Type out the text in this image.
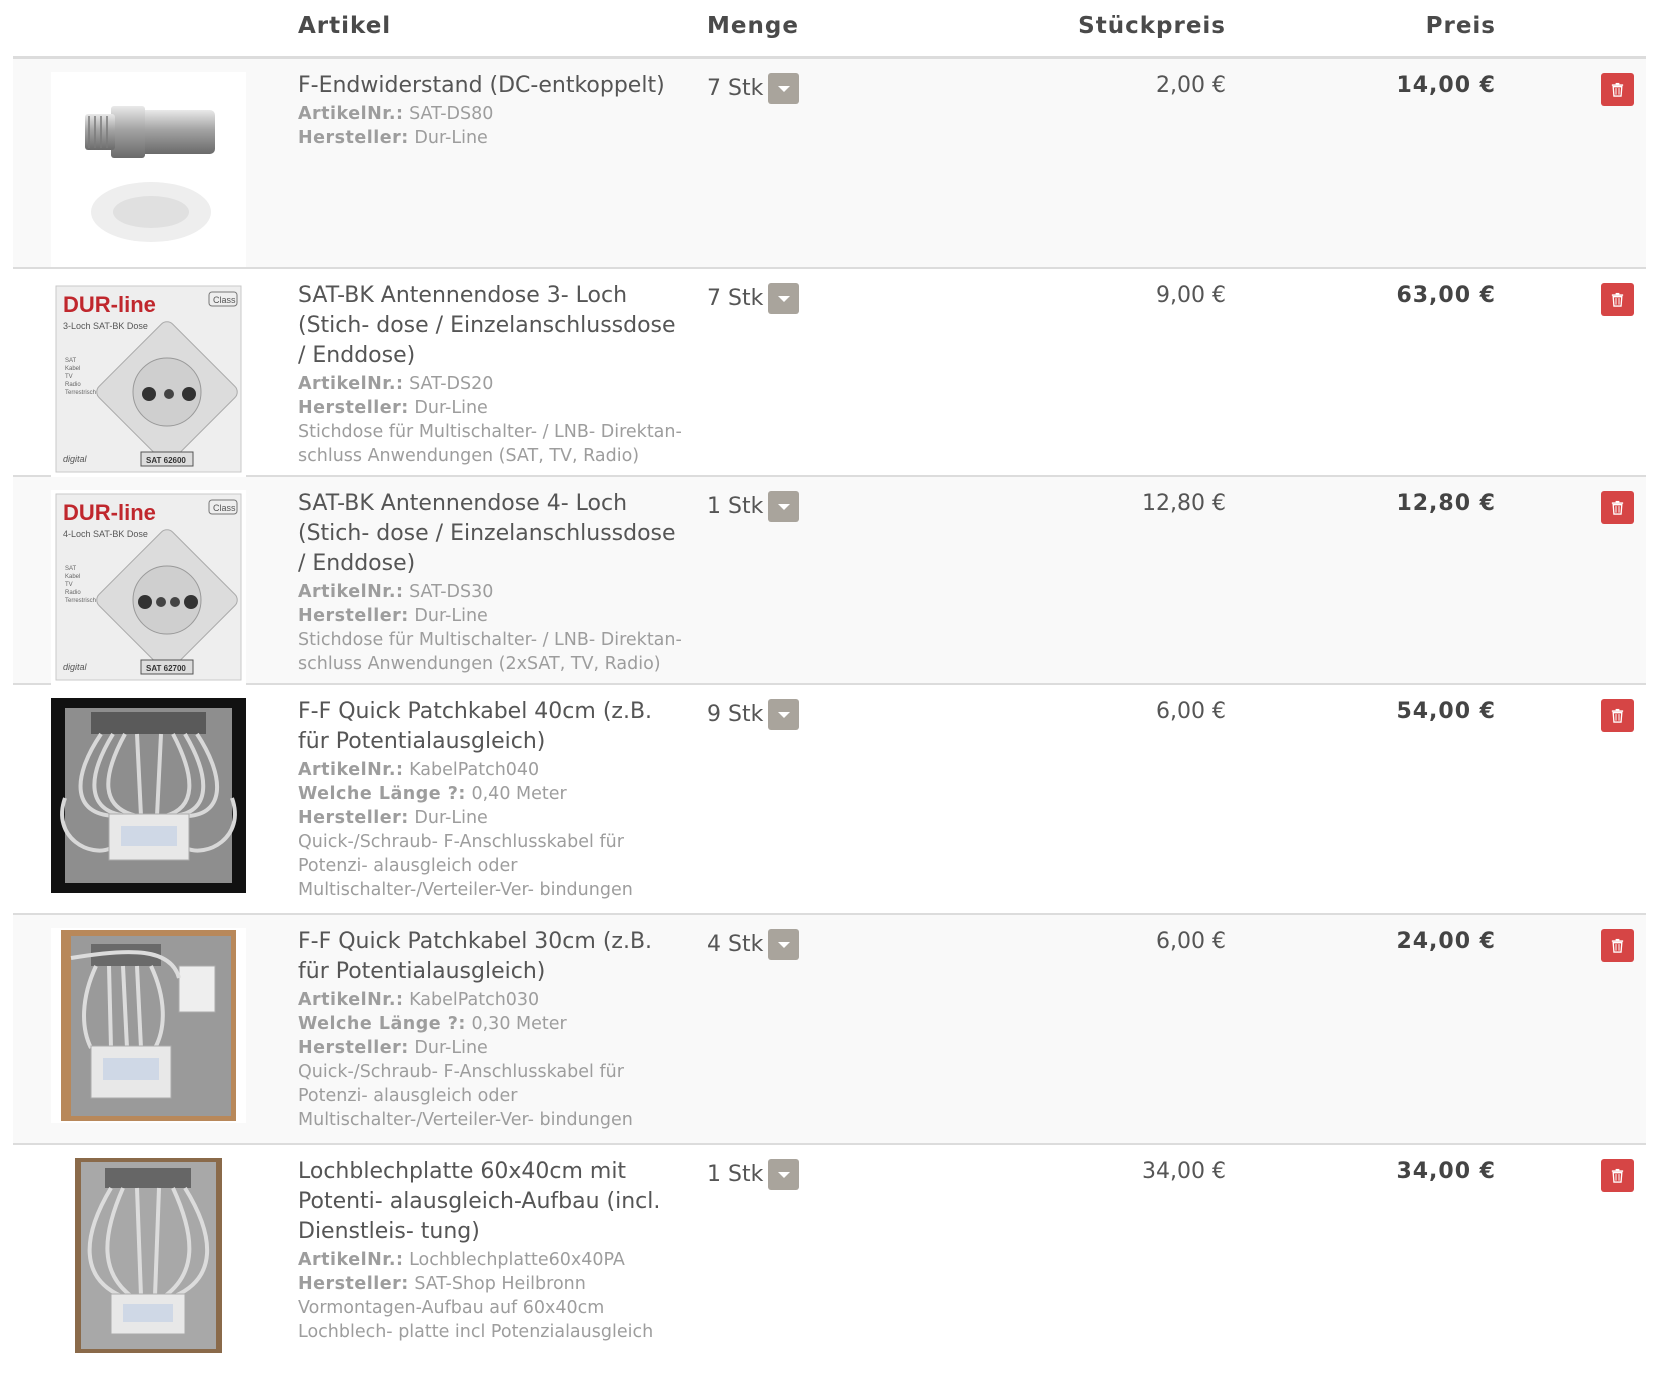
Artikel	Menge	Stückpreis	Preis
F-Endwiderstand (DC-entkoppelt)
ArtikelNr.: SAT-DS80
Hersteller: Dur-Line
7 Stk	2,00 €	14,00 €
DUR-line	Class
3-Loch SAT-BK Dose
SAT
Kabel
TV
Radio
Terrestrisch
digital	SAT 62600
SAT-BK Antennendose 3- Loch (Stich- dose / Einzelanschlussdose / Enddose)
ArtikelNr.: SAT-DS20
Hersteller: Dur-Line
Stichdose für Multischalter- / LNB- Direktan- schluss Anwendungen (SAT, TV, Radio)
7 Stk	9,00 €	63,00 €
DUR-line	Class
4-Loch SAT-BK Dose
SAT
Kabel
TV
Radio
Terrestrisch
digital	SAT 62700
SAT-BK Antennendose 4- Loch (Stich- dose / Einzelanschlussdose / Enddose)
ArtikelNr.: SAT-DS30
Hersteller: Dur-Line
Stichdose für Multischalter- / LNB- Direktan- schluss Anwendungen (2xSAT, TV, Radio)
1 Stk	12,80 €	12,80 €
F-F Quick Patchkabel 40cm (z.B. für Potentialausgleich)
ArtikelNr.: KabelPatch040
Welche Länge ?: 0,40 Meter
Hersteller: Dur-Line
Quick-/Schraub- F-Anschlusskabel für Potenzi- alausgleich oder Multischalter-/Verteiler-Ver- bindungen
9 Stk	6,00 €	54,00 €
F-F Quick Patchkabel 30cm (z.B. für Potentialausgleich)
ArtikelNr.: KabelPatch030
Welche Länge ?: 0,30 Meter
Hersteller: Dur-Line
Quick-/Schraub- F-Anschlusskabel für Potenzi- alausgleich oder Multischalter-/Verteiler-Ver- bindungen
4 Stk	6,00 €	24,00 €
Lochblechplatte 60x40cm mit Potenti- alausgleich-Aufbau (incl. Dienstleis- tung)
ArtikelNr.: Lochblechplatte60x40PA
Hersteller: SAT-Shop Heilbronn
Vormontagen-Aufbau auf 60x40cm Lochblech- platte incl Potenzialausgleich
1 Stk	34,00 €	34,00 €
